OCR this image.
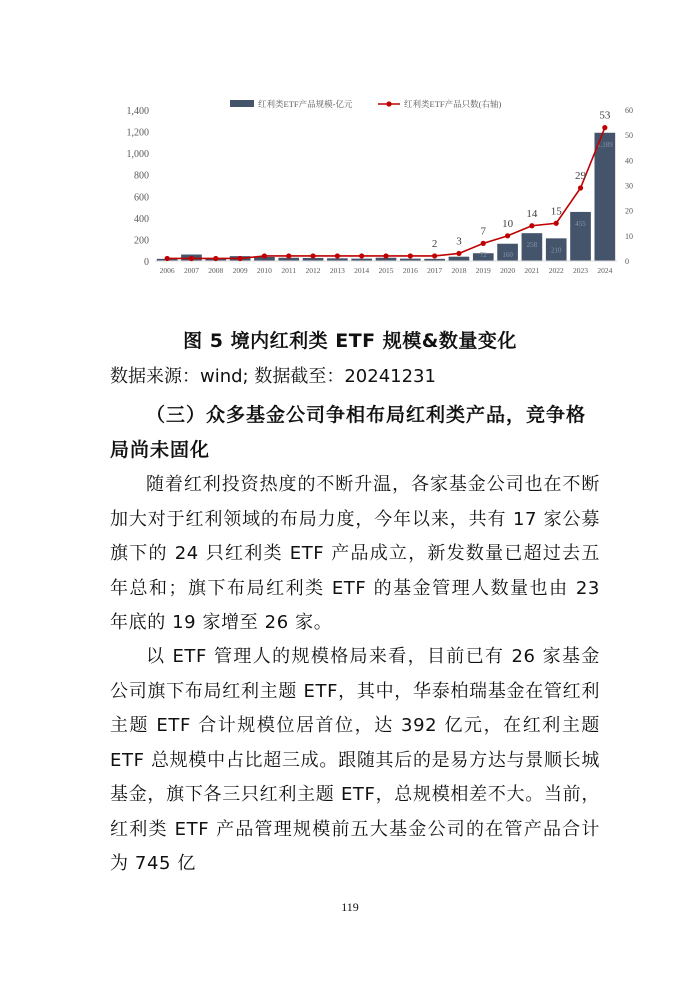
0
200
400
600
800
1,000
1,200
1,400
0
10
20
30
40
50
60
2006 2007 2008 2009 2010 2011 2012 2013 2014 2015 2016 2017 2018 2019 2020 2021 2022 2023 2024
72 160
258
210
455
1,189
2 3
7
10
14 15
29
53
红利类ETF产品规模-亿元	红利类ETF产品只数(右轴)
图 5 境内红利类 ETF 规模&数量变化
数据来源：wind; 数据截至：20241231
（三）众多基金公司争相布局红利类产品，竞争格局尚未固化
随着红利投资热度的不断升温，各家基金公司也在不断加大对于红利领域的布局力度，今年以来，共有 17 家公募旗下的 24 只红利类 ETF 产品成立，新发数量已超过去五年总和；旗下布局红利类 ETF 的基金管理人数量也由 23 年底的 19 家增至 26 家。
以 ETF 管理人的规模格局来看，目前已有 26 家基金公司旗下布局红利主题 ETF，其中，华泰柏瑞基金在管红利主题 ETF 合计规模位居首位，达 392 亿元，在红利主题 ETF 总规模中占比超三成。跟随其后的是易方达与景顺长城基金，旗下各三只红利主题 ETF，总规模相差不大。当前，红利类 ETF 产品管理规模前五大基金公司的在管产品合计为 745 亿
119
